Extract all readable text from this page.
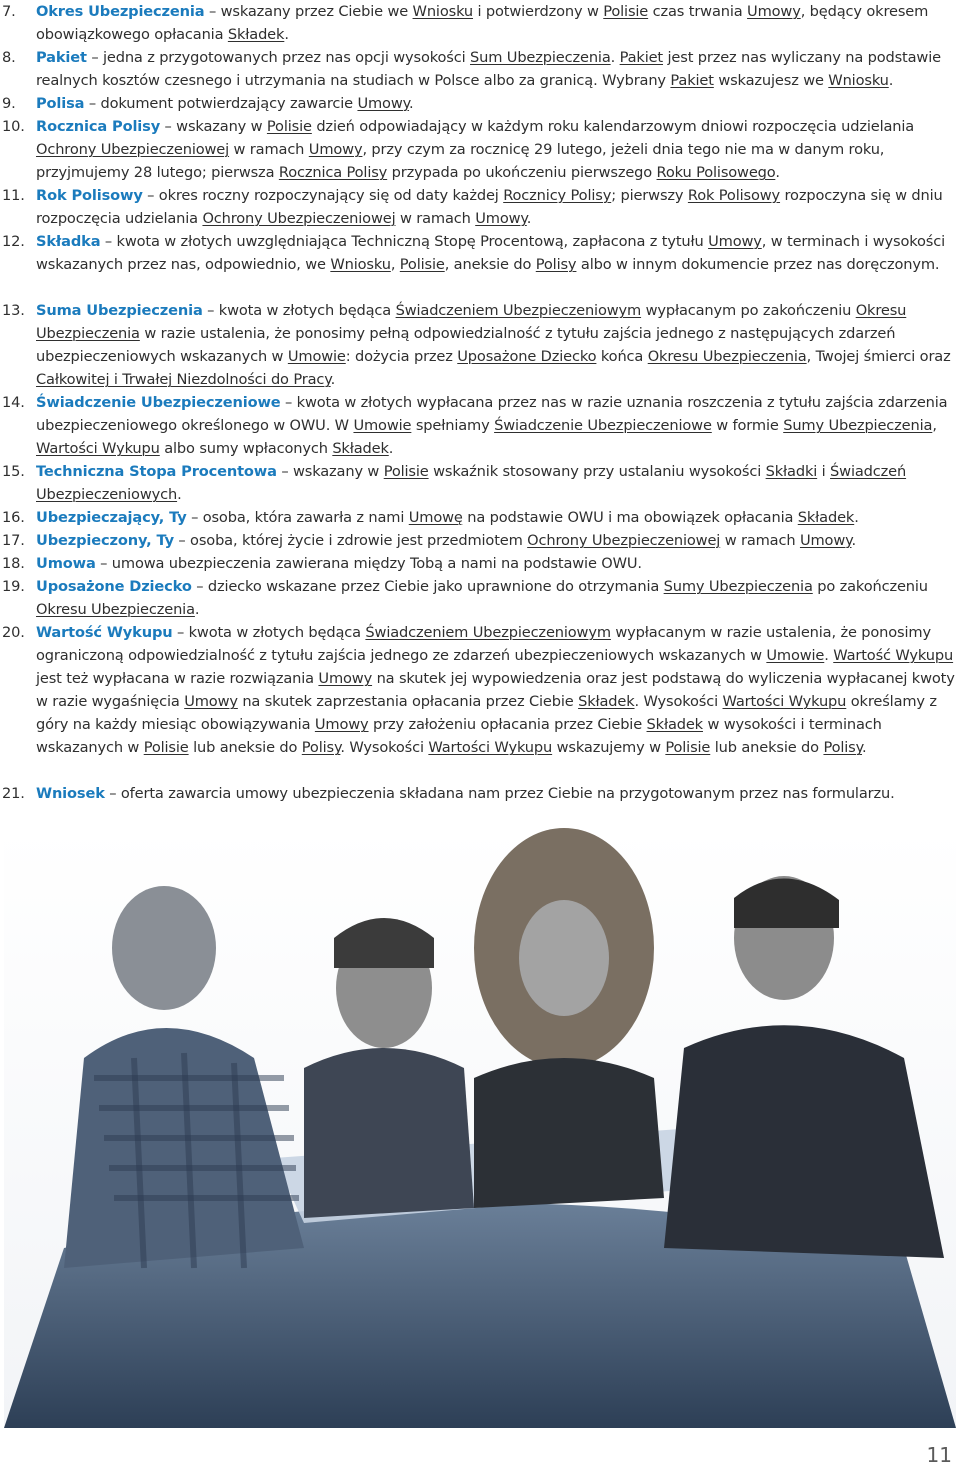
7.	Okres Ubezpieczenia – wskazany przez Ciebie we Wniosku i potwierdzony w Polisie czas trwania Umowy, będący okresem obowiązkowego opłacania Składek.
8.	Pakiet – jedna z przygotowanych przez nas opcji wysokości Sum Ubezpieczenia. Pakiet jest przez nas wyliczany na podstawie realnych kosztów czesnego i utrzymania na studiach w Polsce albo za granicą. Wybrany Pakiet wskazujesz we Wniosku.
9.	Polisa – dokument potwierdzający zawarcie Umowy.
10. Rocznica Polisy – wskazany w Polisie dzień odpowiadający w każdym roku kalendarzowym dniowi rozpoczęcia udzielania Ochrony Ubezpieczeniowej w ramach Umowy, przy czym za rocznicę 29 lutego, jeżeli dnia tego nie ma w danym roku, przyjmujemy 28 lutego; pierwsza Rocznica Polisy przypada po ukończeniu pierwszego Roku Polisowego.
11. Rok Polisowy – okres roczny rozpoczynający się od daty każdej Rocznicy Polisy; pierwszy Rok Polisowy rozpoczyna się w dniu rozpoczęcia udzielania Ochrony Ubezpieczeniowej w ramach Umowy.
12. Składka – kwota w złotych uwzględniająca Techniczną Stopę Procentową, zapłacona z tytułu Umowy, w terminach i wysokości wskazanych przez nas, odpowiednio, we Wniosku, Polisie, aneksie do Polisy albo w innym dokumencie przez nas doręczonym.
13. Suma Ubezpieczenia – kwota w złotych będąca Świadczeniem Ubezpieczeniowym wypłacanym po zakończeniu Okresu Ubezpieczenia w razie ustalenia, że ponosimy pełną odpowiedzialność z tytułu zajścia jednego z następujących zdarzeń ubezpieczeniowych wskazanych w Umowie: dożycia przez Uposażone Dziecko końca Okresu Ubezpieczenia, Twojej śmierci oraz Całkowitej i Trwałej Niezdolności do Pracy.
14. Świadczenie Ubezpieczeniowe – kwota w złotych wypłacana przez nas w razie uznania roszczenia z tytułu zajścia zdarzenia ubezpieczeniowego określonego w OWU. W Umowie spełniamy Świadczenie Ubezpieczeniowe w formie Sumy Ubezpieczenia, Wartości Wykupu albo sumy wpłaconych Składek.
15. Techniczna Stopa Procentowa – wskazany w Polisie wskaźnik stosowany przy ustalaniu wysokości Składki i Świadczeń Ubezpieczeniowych.
16. Ubezpieczający, Ty – osoba, która zawarła z nami Umowę na podstawie OWU i ma obowiązek opłacania Składek.
17. Ubezpieczony, Ty – osoba, której życie i zdrowie jest przedmiotem Ochrony Ubezpieczeniowej w ramach Umowy.
18. Umowa – umowa ubezpieczenia zawierana między Tobą a nami na podstawie OWU.
19. Uposażone Dziecko – dziecko wskazane przez Ciebie jako uprawnione do otrzymania Sumy Ubezpieczenia po zakończeniu Okresu Ubezpieczenia.
20. Wartość Wykupu – kwota w złotych będąca Świadczeniem Ubezpieczeniowym wypłacanym w razie ustalenia, że ponosimy ograniczoną odpowiedzialność z tytułu zajścia jednego ze zdarzeń ubezpieczeniowych wskazanych w Umowie. Wartość Wykupu jest też wypłacana w razie rozwiązania Umowy na skutek jej wypowiedzenia oraz jest podstawą do wyliczenia wypłacanej kwoty w razie wygaśnięcia Umowy na skutek zaprzestania opłacania przez Ciebie Składek. Wysokości Wartości Wykupu określamy z góry na każdy miesiąc obowiązywania Umowy przy założeniu opłacania przez Ciebie Składek w wysokości i terminach wskazanych w Polisie lub aneksie do Polisy. Wysokości Wartości Wykupu wskazujemy w Polisie lub aneksie do Polisy.
21. Wniosek – oferta zawarcia umowy ubezpieczenia składana nam przez Ciebie na przygotowanym przez nas formularzu.
11
